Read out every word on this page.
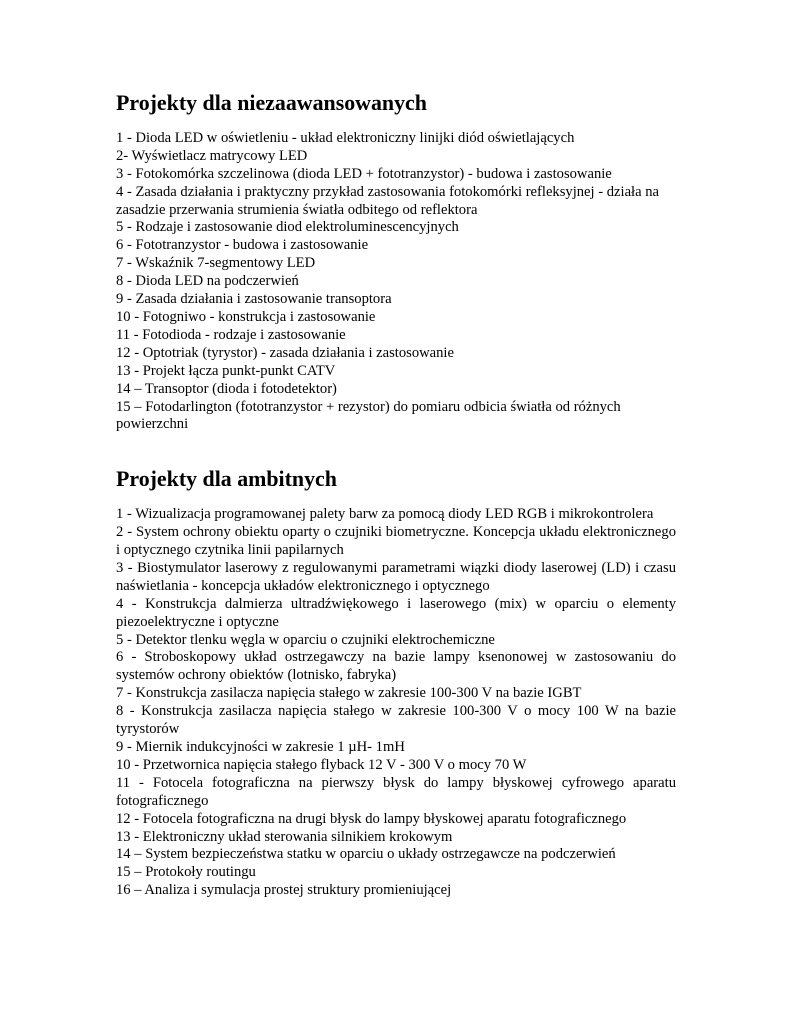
Projekty dla niezaawansowanych
1 - Dioda LED w oświetleniu - układ elektroniczny linijki diód oświetlających
2- Wyświetlacz matrycowy LED
3 - Fotokomórka szczelinowa (dioda LED + fototranzystor) - budowa i zastosowanie
4 - Zasada działania i praktyczny przykład zastosowania fotokomórki refleksyjnej - działa na zasadzie przerwania strumienia światła odbitego od reflektora
5 - Rodzaje i zastosowanie diod elektroluminescencyjnych
6 - Fototranzystor - budowa i zastosowanie
7 - Wskaźnik 7-segmentowy LED
8 - Dioda LED na podczerwień
9 - Zasada działania i zastosowanie transoptora
10 - Fotogniwo - konstrukcja i zastosowanie
11 - Fotodioda - rodzaje i zastosowanie
12 - Optotriak (tyrystor) - zasada działania i zastosowanie
13 - Projekt łącza punkt-punkt CATV
14 – Transoptor (dioda i fotodetektor)
15 – Fotodarlington (fototranzystor + rezystor) do pomiaru odbicia światła od różnych powierzchni
Projekty dla ambitnych
1 - Wizualizacja programowanej palety barw za pomocą diody LED RGB i mikrokontrolera
2 - System ochrony obiektu oparty o czujniki biometryczne. Koncepcja układu elektronicznego i optycznego czytnika linii papilarnych
3 - Biostymulator laserowy z regulowanymi parametrami wiązki diody laserowej (LD) i czasu naświetlania - koncepcja układów elektronicznego i optycznego
4 - Konstrukcja dalmierza ultradźwiękowego i laserowego (mix) w oparciu o elementy piezoelektryczne i optyczne
5 - Detektor tlenku węgla w oparciu o czujniki elektrochemiczne
6 - Stroboskopowy układ ostrzegawczy na bazie lampy ksenonowej w zastosowaniu do systemów ochrony obiektów (lotnisko, fabryka)
7 - Konstrukcja zasilacza napięcia stałego w zakresie 100-300 V na bazie IGBT
8 - Konstrukcja zasilacza napięcia stałego w zakresie 100-300 V o mocy 100 W na bazie tyrystorów
9 - Miernik indukcyjności w zakresie 1 µH- 1mH
10 - Przetwornica napięcia stałego flyback 12 V - 300 V o mocy 70 W
11 - Fotocela fotograficzna na pierwszy błysk do lampy błyskowej cyfrowego aparatu fotograficznego
12 - Fotocela fotograficzna na drugi błysk do lampy błyskowej aparatu fotograficznego
13 - Elektroniczny układ sterowania silnikiem krokowym
14 – System bezpieczeństwa statku w oparciu o układy ostrzegawcze na podczerwień
15 – Protokoły routingu
16 – Analiza i symulacja prostej struktury promieniującej
